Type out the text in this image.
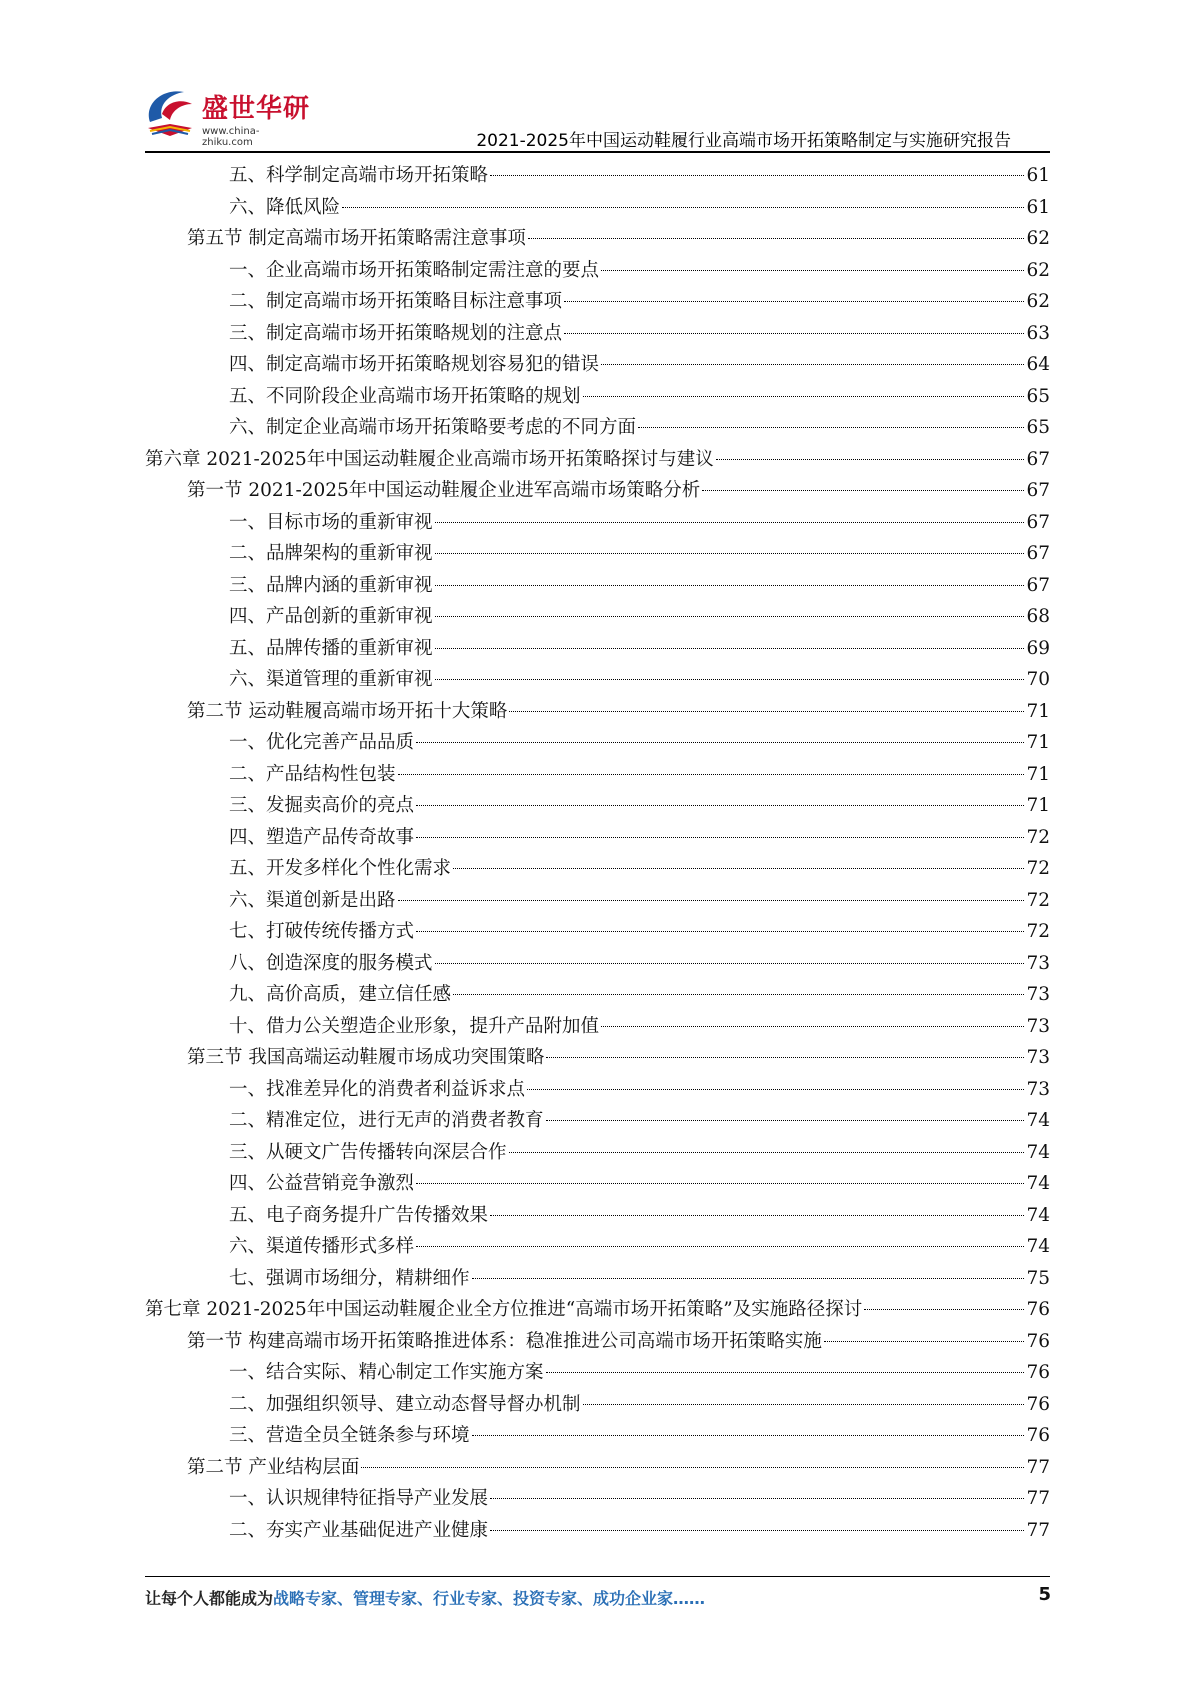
盛世华研
www.china-zhiku.com	2021-2025年中国运动鞋履行业高端市场开拓策略制定与实施研究报告
五、科学制定高端市场开拓策略	61
六、降低风险	61
第五节 制定高端市场开拓策略需注意事项	62
一、企业高端市场开拓策略制定需注意的要点	62
二、制定高端市场开拓策略目标注意事项	62
三、制定高端市场开拓策略规划的注意点	63
四、制定高端市场开拓策略规划容易犯的错误	64
五、不同阶段企业高端市场开拓策略的规划	65
六、制定企业高端市场开拓策略要考虑的不同方面	65
第六章 2021-2025年中国运动鞋履企业高端市场开拓策略探讨与建议	67
第一节 2021-2025年中国运动鞋履企业进军高端市场策略分析	67
一、目标市场的重新审视	67
二、品牌架构的重新审视	67
三、品牌内涵的重新审视	67
四、产品创新的重新审视	68
五、品牌传播的重新审视	69
六、渠道管理的重新审视	70
第二节 运动鞋履高端市场开拓十大策略	71
一、优化完善产品品质	71
二、产品结构性包装	71
三、发掘卖高价的亮点	71
四、塑造产品传奇故事	72
五、开发多样化个性化需求	72
六、渠道创新是出路	72
七、打破传统传播方式	72
八、创造深度的服务模式	73
九、高价高质，建立信任感	73
十、借力公关塑造企业形象，提升产品附加值	73
第三节 我国高端运动鞋履市场成功突围策略	73
一、找准差异化的消费者利益诉求点	73
二、精准定位，进行无声的消费者教育	74
三、从硬文广告传播转向深层合作	74
四、公益营销竞争激烈	74
五、电子商务提升广告传播效果	74
六、渠道传播形式多样	74
七、强调市场细分，精耕细作	75
第七章 2021-2025年中国运动鞋履企业全方位推进“高端市场开拓策略”及实施路径探讨	76
第一节 构建高端市场开拓策略推进体系：稳准推进公司高端市场开拓策略实施	76
一、结合实际、精心制定工作实施方案	76
二、加强组织领导、建立动态督导督办机制	76
三、营造全员全链条参与环境	76
第二节 产业结构层面	77
一、认识规律特征指导产业发展	77
二、夯实产业基础促进产业健康	77
让每个人都能成为战略专家、管理专家、行业专家、投资专家、成功企业家……	5
